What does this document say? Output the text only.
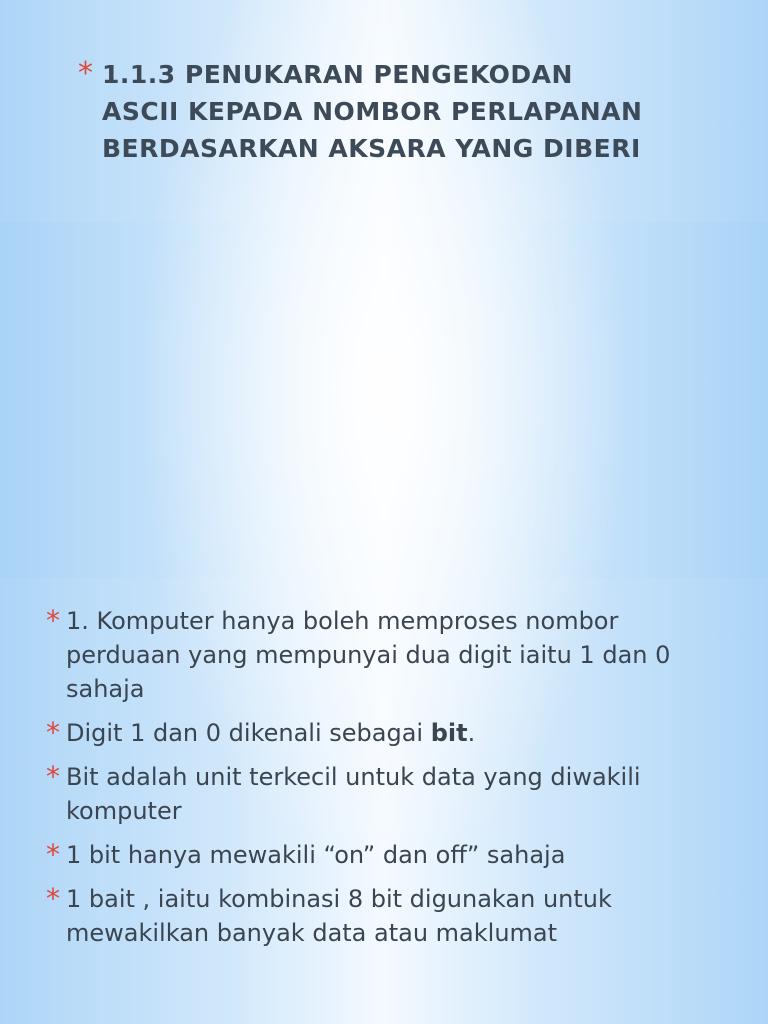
* 1.1.3 PENUKARAN PENGEKODAN
ASCII KEPADA NOMBOR PERLAPANAN
BERDASARKAN AKSARA YANG DIBERI
* 1. Komputer hanya boleh memproses nombor perduaan yang mempunyai dua digit iaitu 1 dan 0 sahaja
* Digit 1 dan 0 dikenali sebagai bit.
* Bit adalah unit terkecil untuk data yang diwakili komputer
* 1 bit hanya mewakili “on” dan off” sahaja
* 1 bait , iaitu kombinasi 8 bit digunakan untuk mewakilkan banyak data atau maklumat
